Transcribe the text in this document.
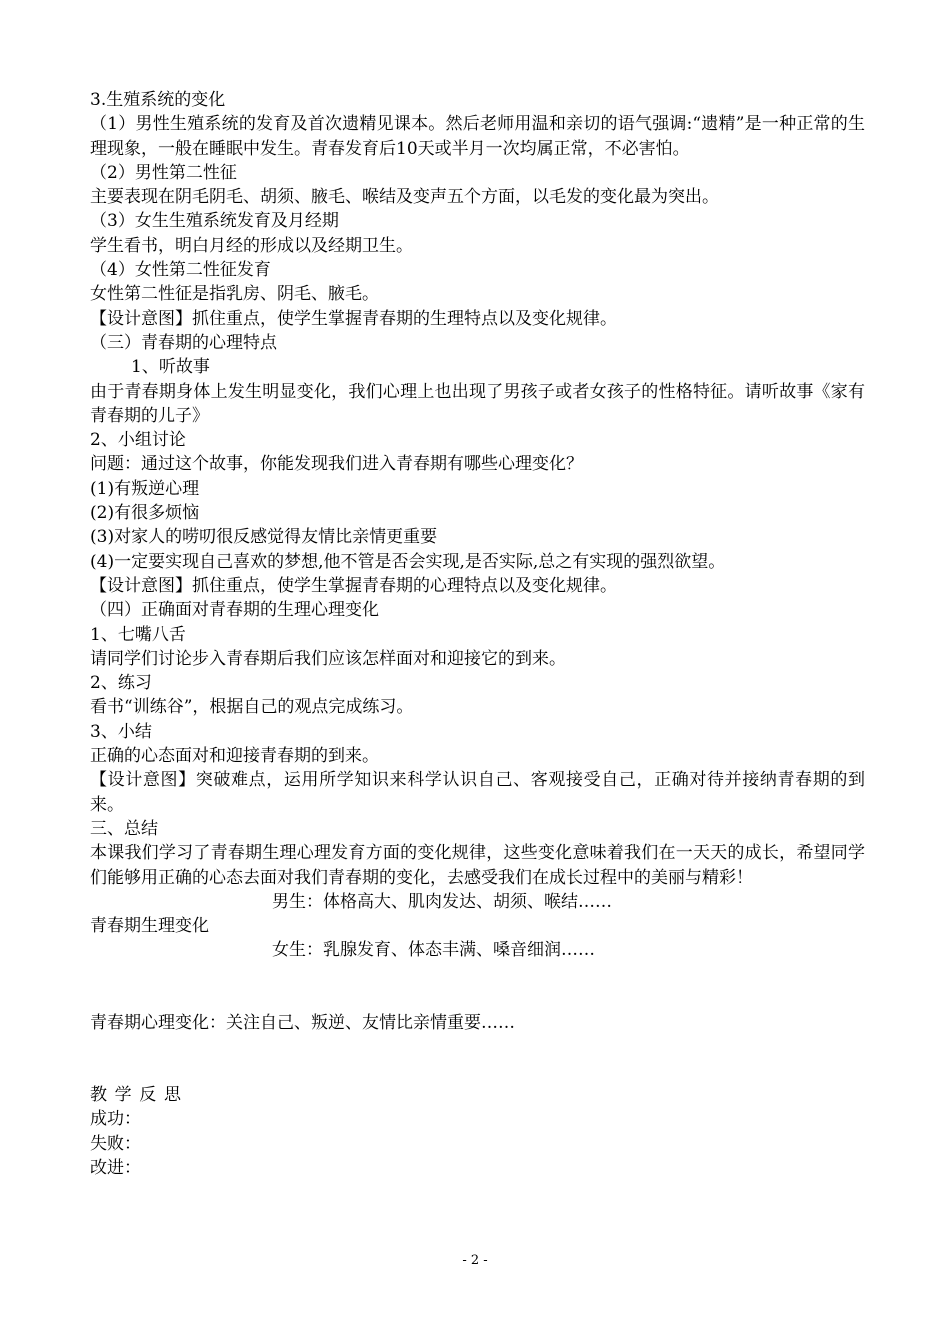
3.生殖系统的变化
（1）男性生殖系统的发育及首次遗精见课本。然后老师用温和亲切的语气强调:“遗精”是一种正常的生理现象，一般在睡眠中发生。青春发育后10天或半月一次均属正常，不必害怕。
（2）男性第二性征
主要表现在阴毛阴毛、胡须、腋毛、喉结及变声五个方面，以毛发的变化最为突出。
（3）女生生殖系统发育及月经期
学生看书，明白月经的形成以及经期卫生。
（4）女性第二性征发育
女性第二性征是指乳房、阴毛、腋毛。
【设计意图】抓住重点，使学生掌握青春期的生理特点以及变化规律。
（三）青春期的心理特点
1、听故事
由于青春期身体上发生明显变化，我们心理上也出现了男孩子或者女孩子的性格特征。请听故事《家有青春期的儿子》
2、小组讨论
问题：通过这个故事，你能发现我们进入青春期有哪些心理变化？
(1)有叛逆心理
(2)有很多烦恼
(3)对家人的唠叨很反感觉得友情比亲情更重要
(4)一定要实现自己喜欢的梦想,他不管是否会实现,是否实际,总之有实现的强烈欲望。
【设计意图】抓住重点，使学生掌握青春期的心理特点以及变化规律。
（四）正确面对青春期的生理心理变化
1、七嘴八舌
请同学们讨论步入青春期后我们应该怎样面对和迎接它的到来。
2、练习
看书“训练谷”，根据自己的观点完成练习。
3、小结
正确的心态面对和迎接青春期的到来。
【设计意图】突破难点，运用所学知识来科学认识自己、客观接受自己，正确对待并接纳青春期的到来。
三、总结
本课我们学习了青春期生理心理发育方面的变化规律，这些变化意味着我们在一天天的成长，希望同学们能够用正确的心态去面对我们青春期的变化，去感受我们在成长过程中的美丽与精彩！
男生：体格高大、肌肉发达、胡须、喉结……
青春期生理变化
女生：乳腺发育、体态丰满、嗓音细润……
青春期心理变化：关注自己、叛逆、友情比亲情重要……
教学反思
成功：
失败：
改进：
- 2 -
